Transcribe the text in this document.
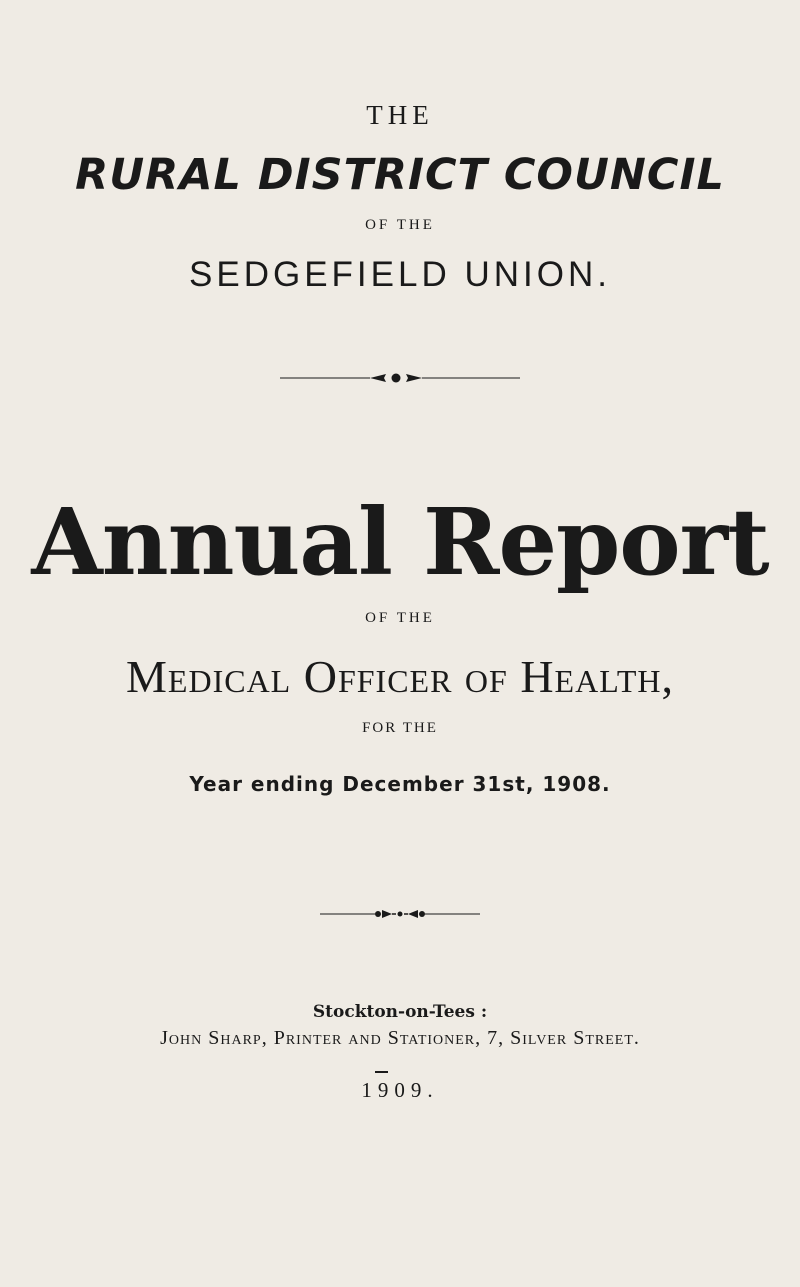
THE
RURAL DISTRICT COUNCIL
OF THE
SEDGEFIELD UNION.
Annual Report
OF THE
Medical Officer of Health,
FOR THE
Year ending December 31st, 1908.
Stockton-on-Tees :
John Sharp, Printer and Stationer, 7, Silver Street.
1909.
